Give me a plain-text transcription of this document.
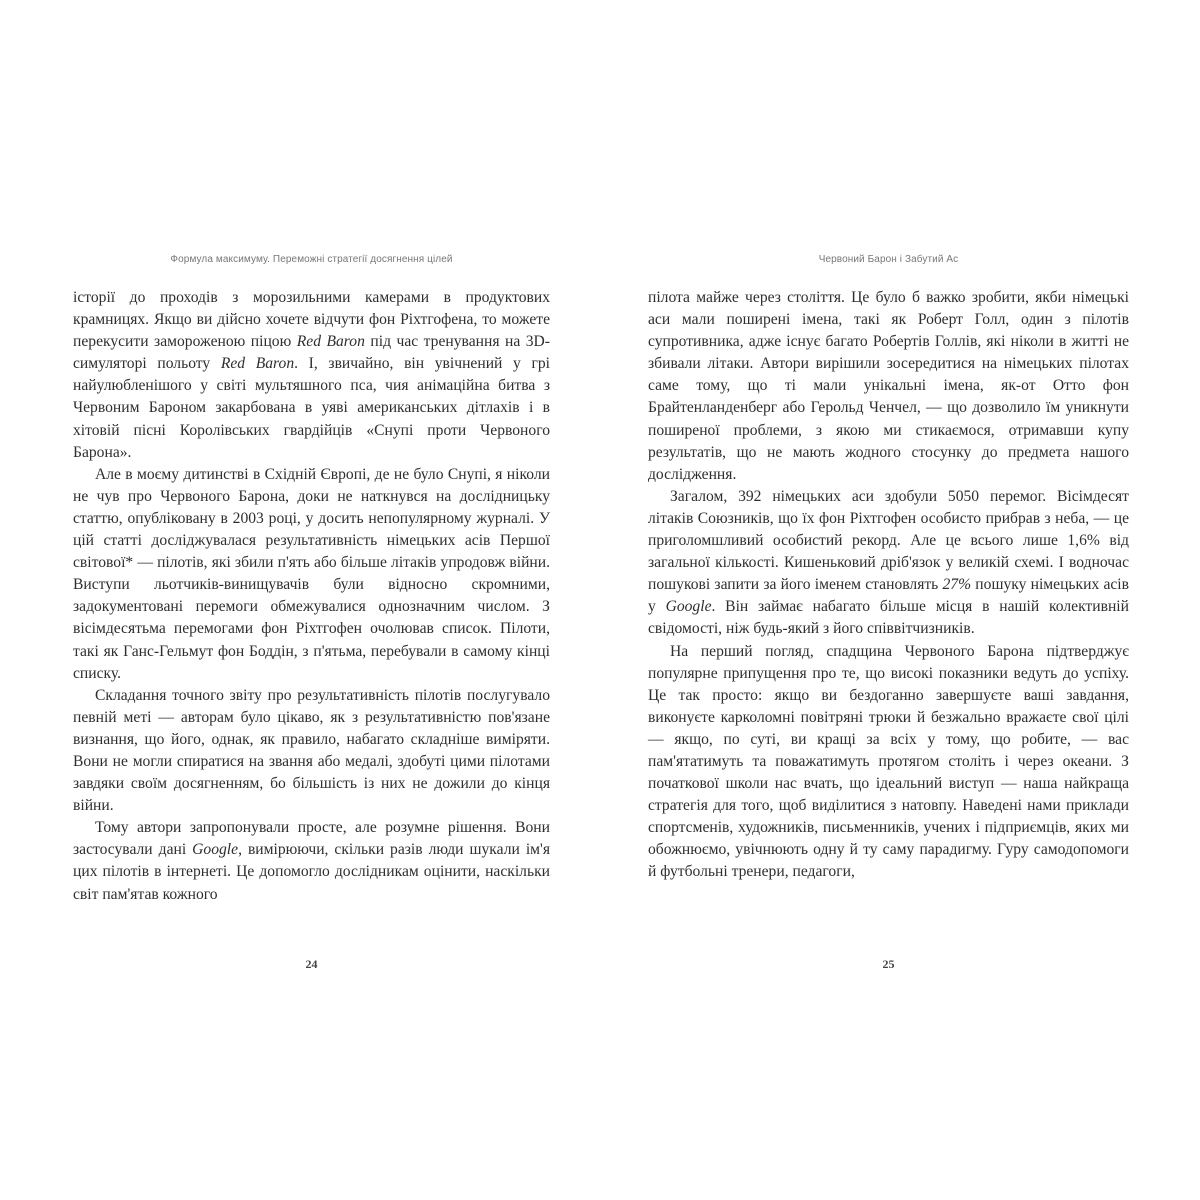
Формула максимуму. Переможні стратегії досягнення цілей

історії до проходів з морозильними камерами в продуктових крамницях. Якщо ви дійсно хочете відчути фон Ріхтгофена, то можете перекусити замороженою піцою Red Baron під час тренування на 3D-симуляторі польоту Red Baron. І, звичайно, він увічнений у грі найулюбленішого у світі мультяшного пса, чия анімаційна битва з Червоним Бароном закарбована в уяві американських дітлахів і в хітовій пісні Королівських гвардійців «Снупі проти Червоного Барона».

Але в моєму дитинстві в Східній Європі, де не було Снупі, я ніколи не чув про Червоного Барона, доки не наткнувся на дослідницьку статтю, опубліковану в 2003 році, у досить непопулярному журналі. У цій статті досліджувалася результативність німецьких асів Першої світової* — пілотів, які збили п'ять або більше літаків упродовж війни. Виступи льотчиків-винищувачів були відносно скромними, задокументовані перемоги обмежувалися однозначним числом. З вісімдесятьма перемогами фон Ріхтгофен очолював список. Пілоти, такі як Ганс-Гельмут фон Боддін, з п'ятьма, перебували в самому кінці списку.

Складання точного звіту про результативність пілотів послугувало певній меті — авторам було цікаво, як з результативністю пов'язане визнання, що його, однак, як правило, набагато складніше виміряти. Вони не могли спиратися на звання або медалі, здобуті цими пілотами завдяки своїм досягненням, бо більшість із них не дожили до кінця війни.

Тому автори запропонували просте, але розумне рішення. Вони застосували дані Google, вимірюючи, скільки разів люди шукали ім'я цих пілотів в інтернеті. Це допомогло дослідникам оцінити, наскільки світ пам'ятав кожного

24
Червоний Барон і Забутий Ас

пілота майже через століття. Це було б важко зробити, якби німецькі аси мали поширені імена, такі як Роберт Голл, один з пілотів супротивника, адже існує багато Робертів Голлів, які ніколи в житті не збивали літаки. Автори вирішили зосередитися на німецьких пілотах саме тому, що ті мали унікальні імена, як-от Отто фон Брайтенланденберг або Герольд Ченчел, — що дозволило їм уникнути поширеної проблеми, з якою ми стикаємося, отримавши купу результатів, що не мають жодного стосунку до предмета нашого дослідження.

Загалом, 392 німецьких аси здобули 5050 перемог. Вісімдесят літаків Союзників, що їх фон Ріхтгофен особисто прибрав з неба, — це приголомшливий особистий рекорд. Але це всього лише 1,6% від загальної кількості. Кишеньковий дріб'язок у великій схемі. І водночас пошукові запити за його іменем становлять 27% пошуку німецьких асів у Google. Він займає набагато більше місця в нашій колективній свідомості, ніж будь-який з його співвітчизників.

На перший погляд, спадщина Червоного Барона підтверджує популярне припущення про те, що високі показники ведуть до успіху. Це так просто: якщо ви бездоганно завершуєте ваші завдання, виконуєте карколомні повітряні трюки й безжально вражаєте свої цілі — якщо, по суті, ви кращі за всіх у тому, що робите, — вас пам'ятатимуть та поважатимуть протягом століть і через океани. З початкової школи нас вчать, що ідеальний виступ — наша найкраща стратегія для того, щоб виділитися з натовпу. Наведені нами приклади спортсменів, художників, письменників, учених і підприємців, яких ми обожнюємо, увічнюють одну й ту саму парадигму. Гуру самодопомоги й футбольні тренери, педагоги,

25
